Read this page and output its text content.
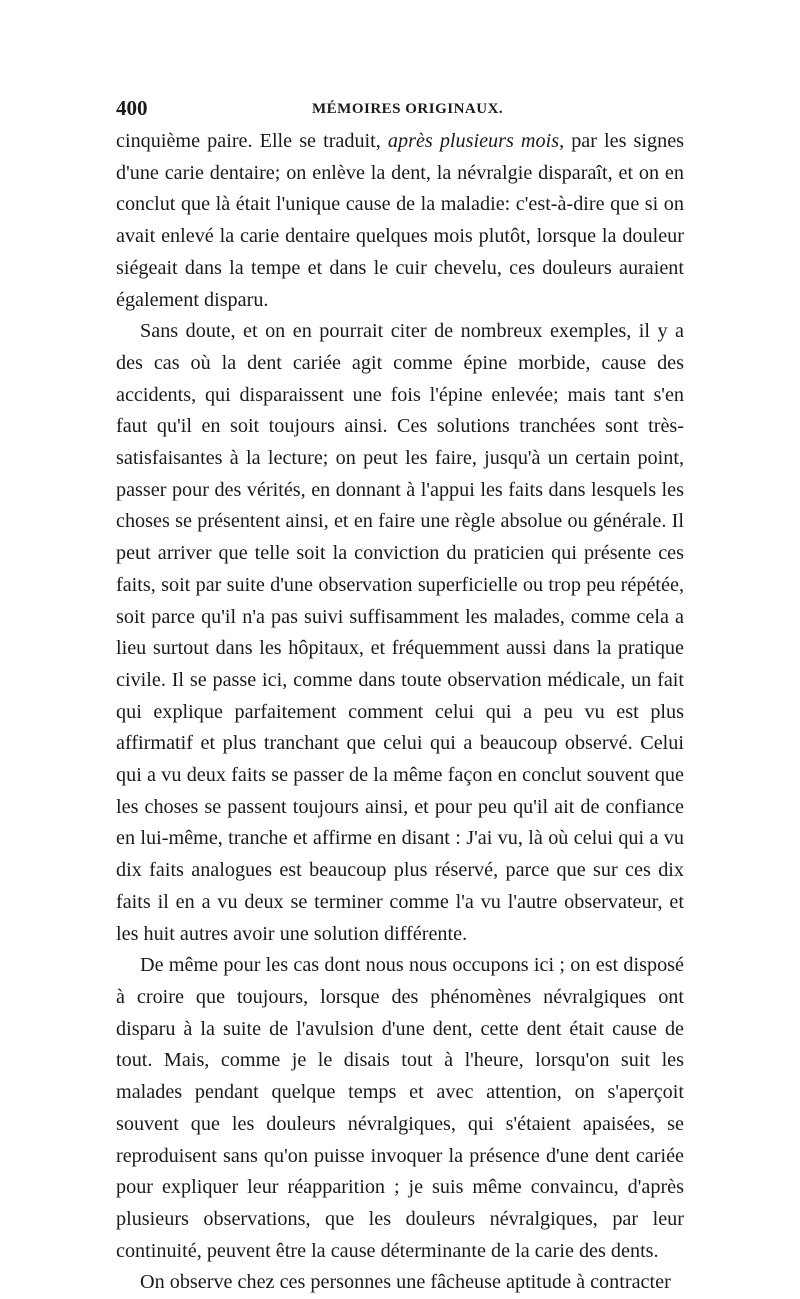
400	MÉMOIRES ORIGINAUX.

cinquième paire. Elle se traduit, après plusieurs mois, par les signes d'une carie dentaire; on enlève la dent, la névralgie disparaît, et on en conclut que là était l'unique cause de la maladie: c'est-à-dire que si on avait enlevé la carie dentaire quelques mois plutôt, lorsque la douleur siégeait dans la tempe et dans le cuir chevelu, ces douleurs auraient également disparu.

Sans doute, et on en pourrait citer de nombreux exemples, il y a des cas où la dent cariée agit comme épine morbide, cause des accidents, qui disparaissent une fois l'épine enlevée; mais tant s'en faut qu'il en soit toujours ainsi. Ces solutions tranchées sont très-satisfaisantes à la lecture; on peut les faire, jusqu'à un certain point, passer pour des vérités, en donnant à l'appui les faits dans lesquels les choses se présentent ainsi, et en faire une règle absolue ou générale. Il peut arriver que telle soit la conviction du praticien qui présente ces faits, soit par suite d'une observation superficielle ou trop peu répétée, soit parce qu'il n'a pas suivi suffisamment les malades, comme cela a lieu surtout dans les hôpitaux, et fréquemment aussi dans la pratique civile. Il se passe ici, comme dans toute observation médicale, un fait qui explique parfaitement comment celui qui a peu vu est plus affirmatif et plus tranchant que celui qui a beaucoup observé. Celui qui a vu deux faits se passer de la même façon en conclut souvent que les choses se passent toujours ainsi, et pour peu qu'il ait de confiance en lui-même, tranche et affirme en disant : J'ai vu, là où celui qui a vu dix faits analogues est beaucoup plus réservé, parce que sur ces dix faits il en a vu deux se terminer comme l'a vu l'autre observateur, et les huit autres avoir une solution différente.

De même pour les cas dont nous nous occupons ici ; on est disposé à croire que toujours, lorsque des phénomènes névralgiques ont disparu à la suite de l'avulsion d'une dent, cette dent était cause de tout. Mais, comme je le disais tout à l'heure, lorsqu'on suit les malades pendant quelque temps et avec attention, on s'aperçoit souvent que les douleurs névralgiques, qui s'étaient apaisées, se reproduisent sans qu'on puisse invoquer la présence d'une dent cariée pour expliquer leur réapparition ; je suis même convaincu, d'après plusieurs observations, que les douleurs névralgiques, par leur continuité, peuvent être la cause déterminante de la carie des dents.

On observe chez ces personnes une fâcheuse aptitude à contracter
